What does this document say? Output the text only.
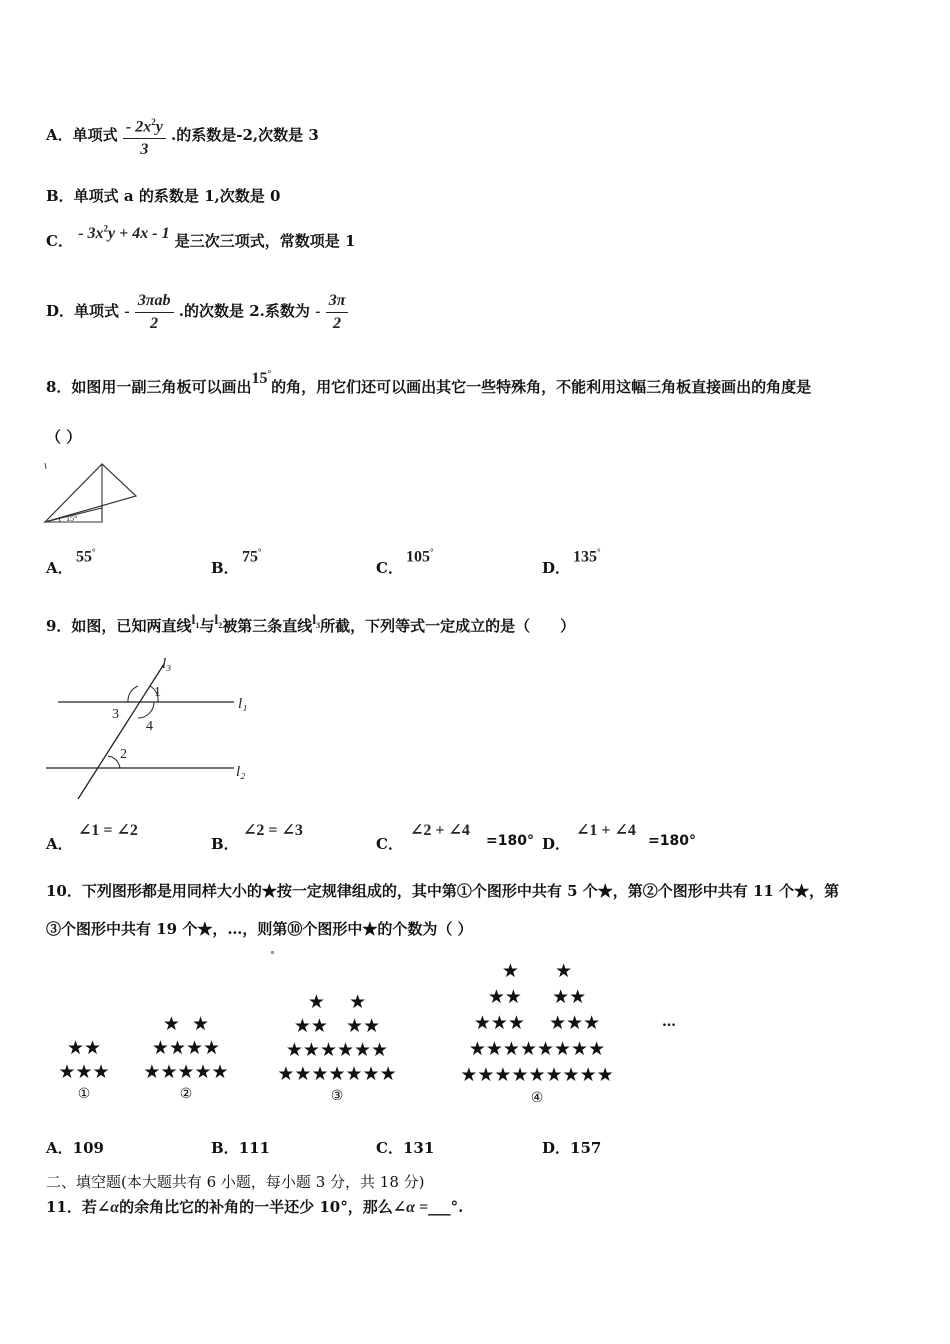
A．单项式 $\frac{- 2x^2y}{3}$ .的系数是-2,次数是 3
B．单项式 a 的系数是 1,次数是 0
C． - $3x^2y + 4x - 1$ 是三次三项式，常数项是 1
D．单项式 - $\frac{\text{3πab}}{2}$ .的次数是 2.系数为 - $\frac{3\pi}{2}$
8．如图用一副三角板可以画出15°的角，用它们还可以画出其它一些特殊角，不能利用这幅三角板直接画出的角度是
（ ）
15°
A．
55°
B．
75°
C．
105°
D．
135°
9．如图，已知两直线$l_1$与$l_2$被第三条直线$l_3$所截，下列等式一定成立的是（　　）
l₃
l₁
l₂
1
3
4
2
A．
∠1 = ∠2
B．
∠2 = ∠3
C．
∠2 + ∠4
=180° D．
∠1 + ∠4
=180°
10．下列图形都是用同样大小的★按一定规律组成的，其中第①个图形中共有 5 个★，第②个图形中共有 11 个★，第
③个图形中共有 19 个★，…，则第⑩个图形中★的个数为（ ）
★★
★★★
①
★  ★
★★★★
★★★★★
②
★    ★
★★   ★★
★★★★★★
★★★★★★★
③
★      ★
★★     ★★
★★★    ★★★
★★★★★★★★
★★★★★★★★★
④
…
A．109	B．111	C．131	D．157
二、填空题(本大题共有 6 小题，每小题 3 分，共 18 分)
11．若∠α的余角比它的补角的一半还少 10°，那么∠α =___°.
